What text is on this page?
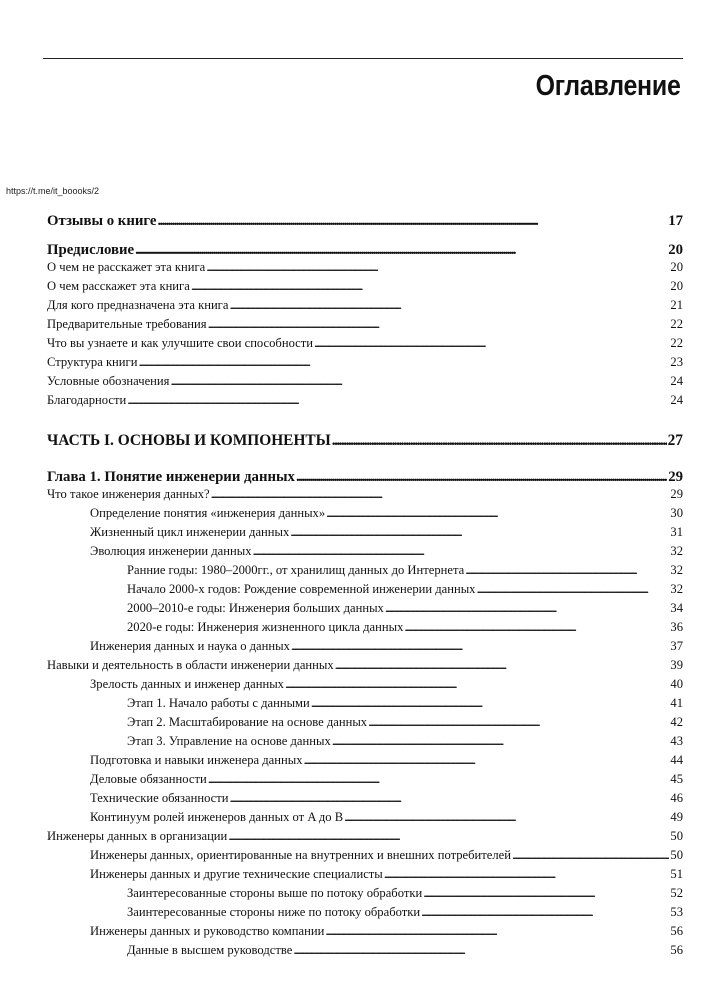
Оглавление
https://t.me/it_boooks/2
Отзывы о книге . . .	17
Предисловие . . .	20
О чем не расскажет эта книга . . .	20
О чем расскажет эта книга . . .	20
Для кого предназначена эта книга . . .	21
Предварительные требования . . .	22
Что вы узнаете и как улучшите свои способности . . .	22
Структура книги . . .	23
Условные обозначения . . .	24
Благодарности . . .	24
ЧАСТЬ I. ОСНОВЫ И КОМПОНЕНТЫ . . .	27
Глава 1. Понятие инженерии данных . . .	29
Что такое инженерия данных? . . .	29
Определение понятия «инженерия данных» . . .	30
Жизненный цикл инженерии данных . . .	31
Эволюция инженерии данных . . .	32
Ранние годы: 1980–2000гг., от хранилищ данных до Интернета . . .	32
Начало 2000-х годов: Рождение современной инженерии данных . . .	32
2000–2010-е годы: Инженерия больших данных . . .	34
2020-е годы: Инженерия жизненного цикла данных . . .	36
Инженерия данных и наука о данных . . .	37
Навыки и деятельность в области инженерии данных . . .	39
Зрелость данных и инженер данных . . .	40
Этап 1. Начало работы с данными . . .	41
Этап 2. Масштабирование на основе данных . . .	42
Этап 3. Управление на основе данных . . .	43
Подготовка и навыки инженера данных . . .	44
Деловые обязанности . . .	45
Технические обязанности . . .	46
Континуум ролей инженеров данных от A до B . . .	49
Инженеры данных в организации . . .	50
Инженеры данных, ориентированные на внутренних и внешних потребителей . . .	50
Инженеры данных и другие технические специалисты . . .	51
Заинтересованные стороны выше по потоку обработки . . .	52
Заинтересованные стороны ниже по потоку обработки . . .	53
Инженеры данных и руководство компании . . .	56
Данные в высшем руководстве . . .	56
